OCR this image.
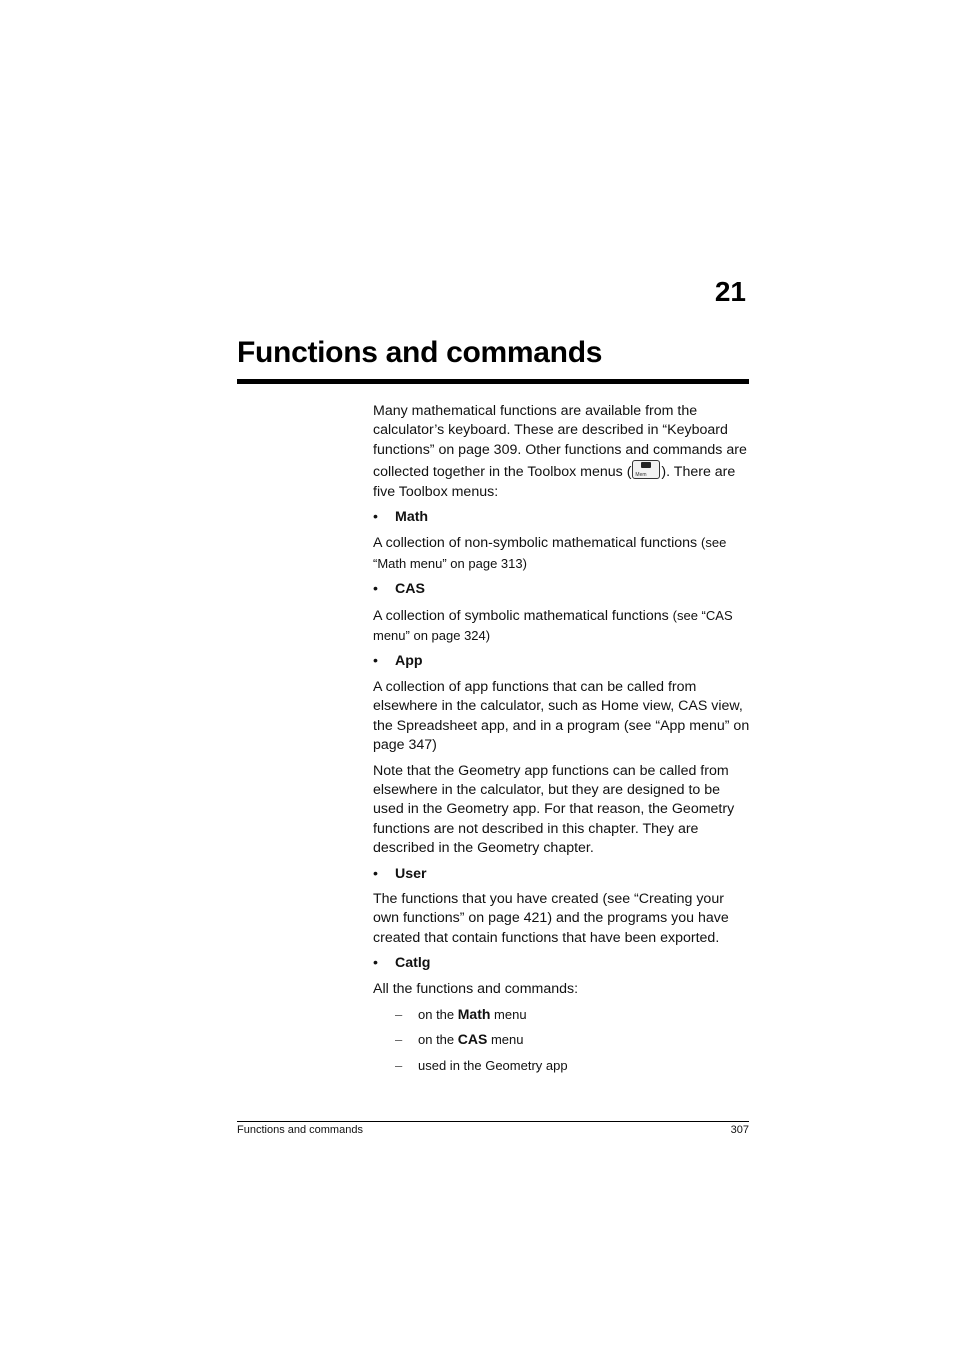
21
Functions and commands

Many mathematical functions are available from the calculator’s keyboard. These are described in “Keyboard functions” on page 309. Other functions and commands are collected together in the Toolbox menus ( Mem ). There are five Toolbox menus:

•	Math

A collection of non-symbolic mathematical functions (see “Math menu” on page 313)

•	CAS

A collection of symbolic mathematical functions (see “CAS menu” on page 324)

•	App

A collection of app functions that can be called from elsewhere in the calculator, such as Home view, CAS view, the Spreadsheet app, and in a program (see “App menu” on page 347)

Note that the Geometry app functions can be called from elsewhere in the calculator, but they are designed to be used in the Geometry app. For that reason, the Geometry functions are not described in this chapter. They are described in the Geometry chapter.

•	User

The functions that you have created (see “Creating your own functions” on page 421) and the programs you have created that contain functions that have been exported.

•	Catlg

All the functions and commands:

–	on the Math menu
–	on the CAS menu
–	used in the Geometry app
Functions and commands	307
